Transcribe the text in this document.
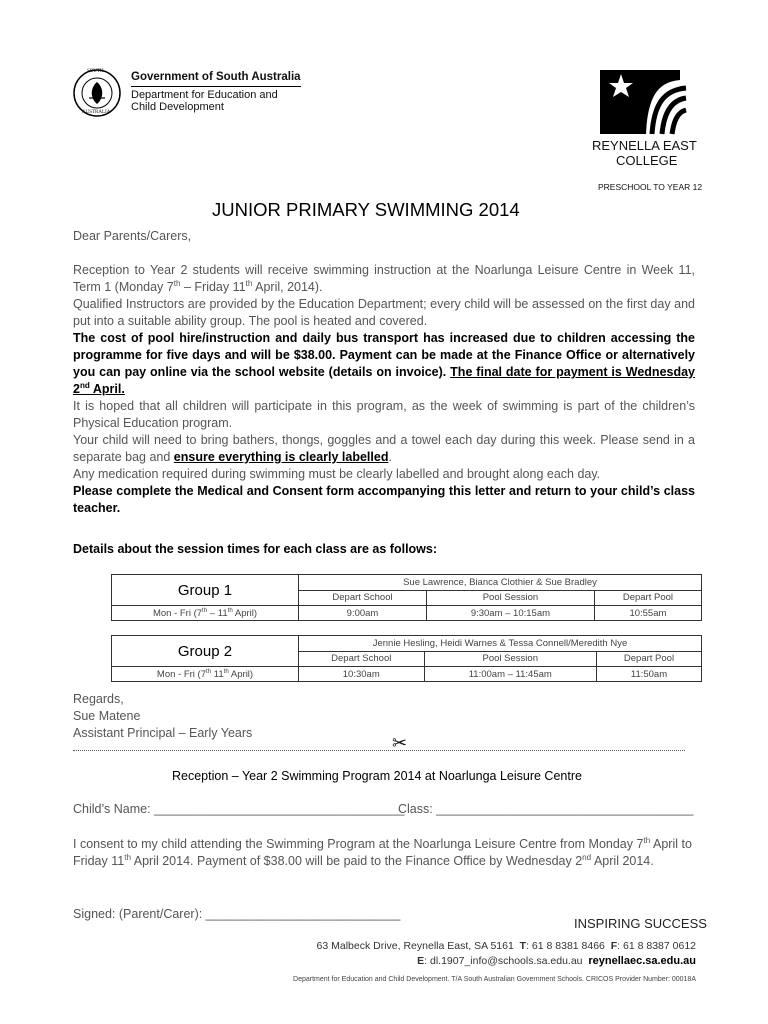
SOUTH
AUSTRALIA
Government of South Australia
Department for Education and
Child Development
REYNELLA EAST
COLLEGE
PRESCHOOL TO YEAR 12
JUNIOR PRIMARY SWIMMING 2014
Dear Parents/Carers,
Reception to Year 2 students will receive swimming instruction at the Noarlunga Leisure Centre in Week 11, Term 1 (Monday 7th – Friday 11th April, 2014).
Qualified Instructors are provided by the Education Department; every child will be assessed on the first day and put into a suitable ability group. The pool is heated and covered.
The cost of pool hire/instruction and daily bus transport has increased due to children accessing the programme for five days and will be $38.00. Payment can be made at the Finance Office or alternatively you can pay online via the school website (details on invoice). The final date for payment is Wednesday 2nd April.
It is hoped that all children will participate in this program, as the week of swimming is part of the children’s Physical Education program.
Your child will need to bring bathers, thongs, goggles and a towel each day during this week. Please send in a separate bag and ensure everything is clearly labelled.
Any medication required during swimming must be clearly labelled and brought along each day.
Please complete the Medical and Consent form accompanying this letter and return to your child’s class teacher.
Details about the session times for each class are as follows:
Group 1	Sue Lawrence, Bianca Clothier & Sue Bradley		
	Depart School	Pool Session	Depart Pool
Mon - Fri (7th – 11th April)	9:00am	9:30am – 10:15am	10:55am
Group 2	Jennie Hesling, Heidi Warnes & Tessa Connell/Meredith Nye		
	Depart School	Pool Session	Depart Pool
Mon - Fri (7th 11th April)	10:30am	11:00am – 11:45am	11:50am
Regards,
Sue Matene
Assistant Principal – Early Years	✂
Reception – Year 2 Swimming Program 2014 at Noarlunga Leisure Centre
Child’s Name: ____________________________________
Class: _____________________________________
I consent to my child attending the Swimming Program at the Noarlunga Leisure Centre from Monday 7th April to Friday 11th April 2014. Payment of $38.00 will be paid to the Finance Office by Wednesday 2nd April 2014.
Signed: (Parent/Carer): ____________________________
INSPIRING SUCCESS
63 Malbeck Drive, Reynella East, SA 5161 T: 61 8 8381 8466 F: 61 8 8387 0612
E: dl.1907_info@schools.sa.edu.au reynellaec.sa.edu.au
Department for Education and Child Development. T/A South Australian Government Schools. CRICOS Provider Number: 00018A
